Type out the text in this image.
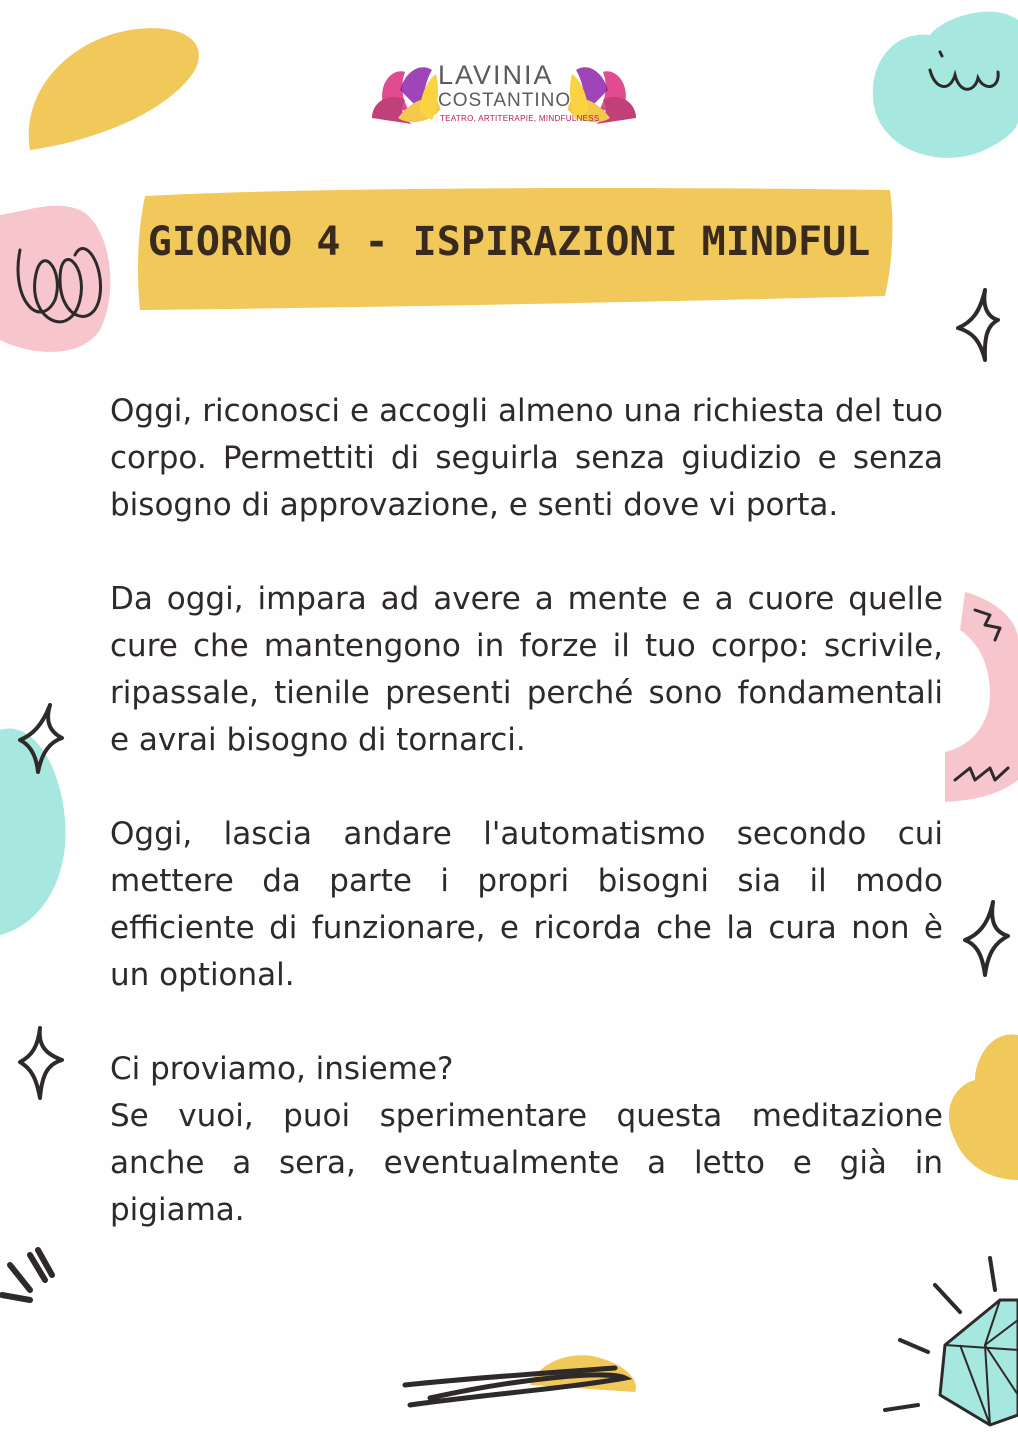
LAVINIA
COSTANTINO
TEATRO, ARTITERAPIE, MINDFULNESS
GIORNO 4 - ISPIRAZIONI MINDFUL

Oggi, riconosci e accogli almeno una richiesta del tuo corpo. Permettiti di seguirla senza giudizio e senza bisogno di approvazione, e senti dove vi porta.

Da oggi, impara ad avere a mente e a cuore quelle cure che mantengono in forze il tuo corpo: scrivile, ripassale, tienile presenti perché sono fondamentali e avrai bisogno di tornarci.

Oggi, lascia andare l'automatismo secondo cui mettere da parte i propri bisogni sia il modo efficiente di funzionare, e ricorda che la cura non è un optional.

Ci proviamo, insieme?
Se vuoi, puoi sperimentare questa meditazione anche a sera, eventualmente a letto e già in pigiama.
